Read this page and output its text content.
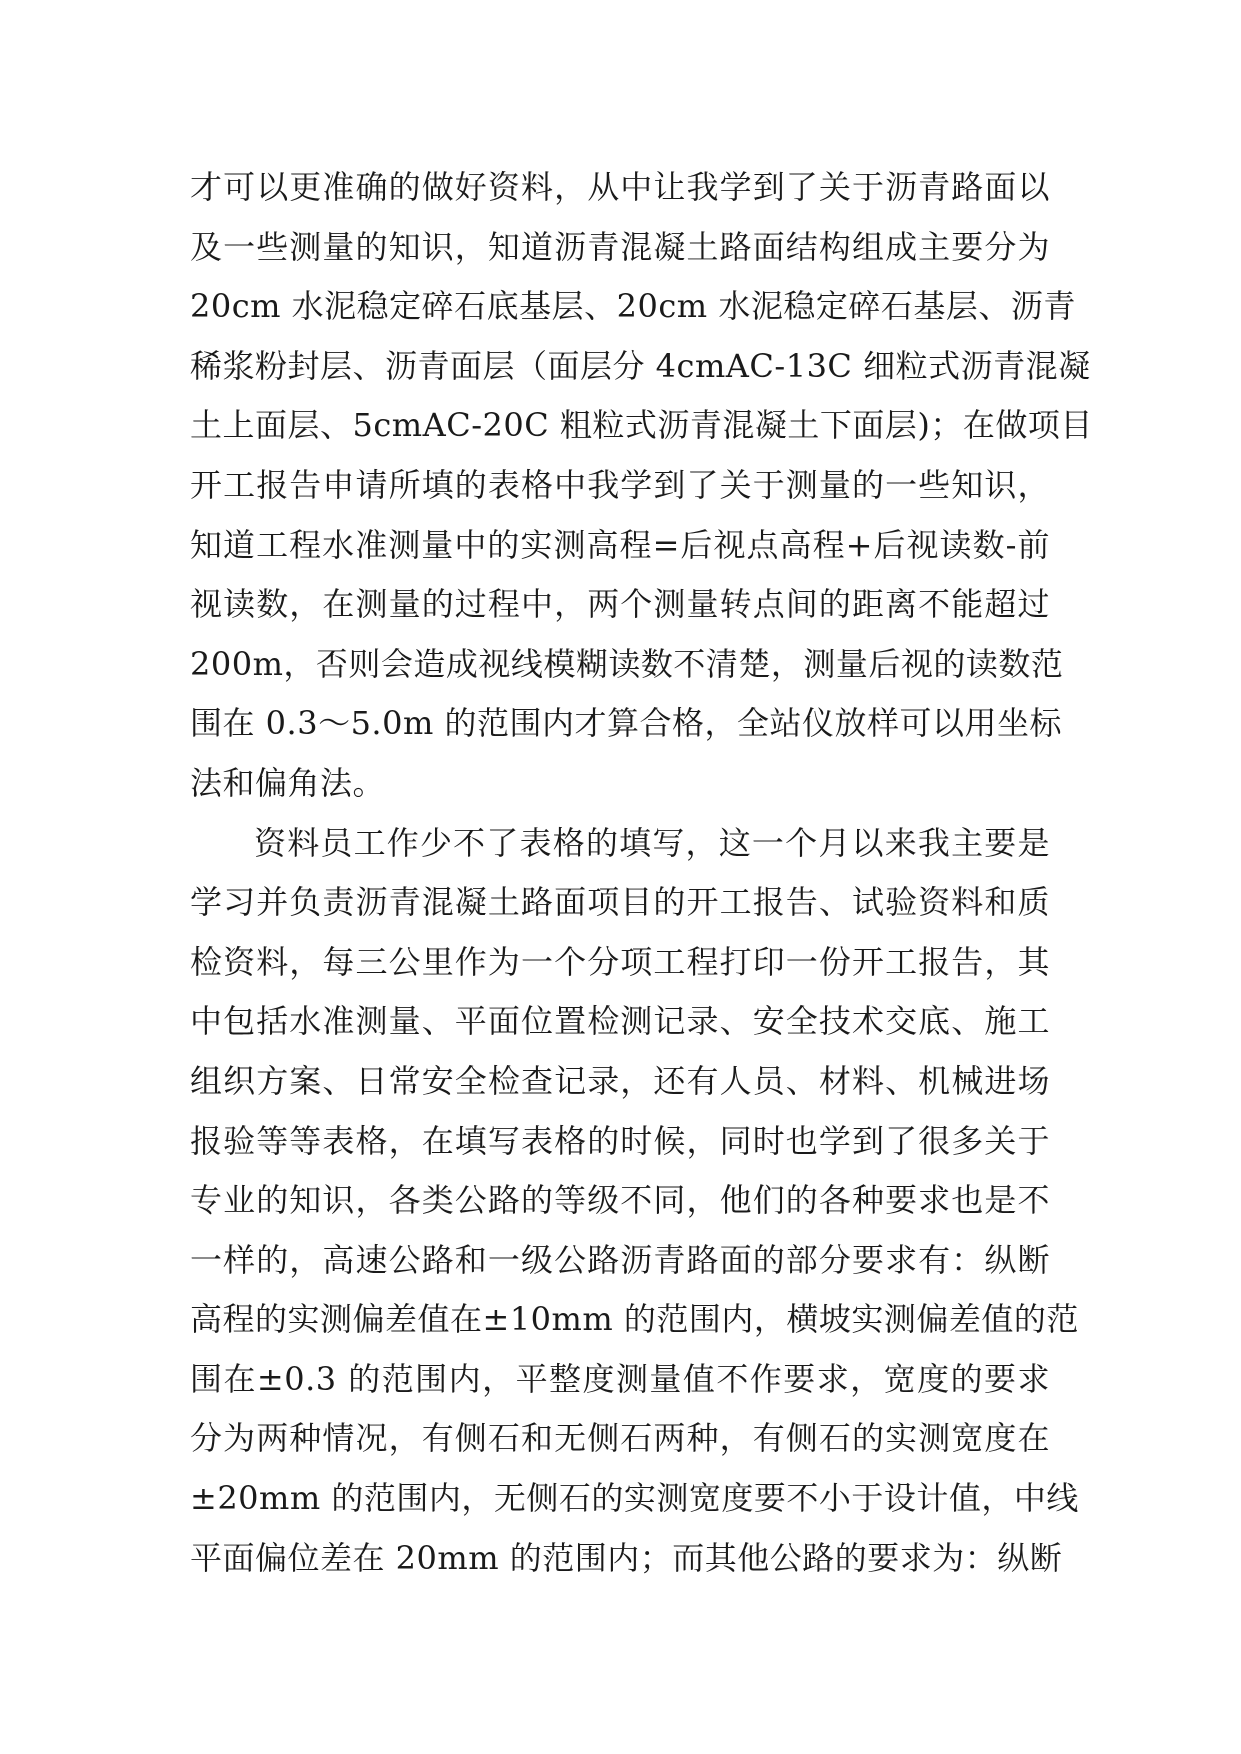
才可以更准确的做好资料，从中让我学到了关于沥青路面以
及一些测量的知识，知道沥青混凝土路面结构组成主要分为
20cm 水泥稳定碎石底基层、20cm 水泥稳定碎石基层、沥青
稀浆粉封层、沥青面层（面层分 4cmAC-13C 细粒式沥青混凝
土上面层、5cmAC-20C 粗粒式沥青混凝土下面层)；在做项目
开工报告申请所填的表格中我学到了关于测量的一些知识，
知道工程水准测量中的实测高程=后视点高程+后视读数-前
视读数，在测量的过程中，两个测量转点间的距离不能超过
200m，否则会造成视线模糊读数不清楚，测量后视的读数范
围在 0.3～5.0m 的范围内才算合格，全站仪放样可以用坐标
法和偏角法。
资料员工作少不了表格的填写，这一个月以来我主要是
学习并负责沥青混凝土路面项目的开工报告、试验资料和质
检资料，每三公里作为一个分项工程打印一份开工报告，其
中包括水准测量、平面位置检测记录、安全技术交底、施工
组织方案、日常安全检查记录，还有人员、材料、机械进场
报验等等表格，在填写表格的时候，同时也学到了很多关于
专业的知识，各类公路的等级不同，他们的各种要求也是不
一样的，高速公路和一级公路沥青路面的部分要求有：纵断
高程的实测偏差值在±10mm 的范围内，横坡实测偏差值的范
围在±0.3 的范围内，平整度测量值不作要求，宽度的要求
分为两种情况，有侧石和无侧石两种，有侧石的实测宽度在
±20mm 的范围内，无侧石的实测宽度要不小于设计值，中线
平面偏位差在 20mm 的范围内；而其他公路的要求为：纵断
